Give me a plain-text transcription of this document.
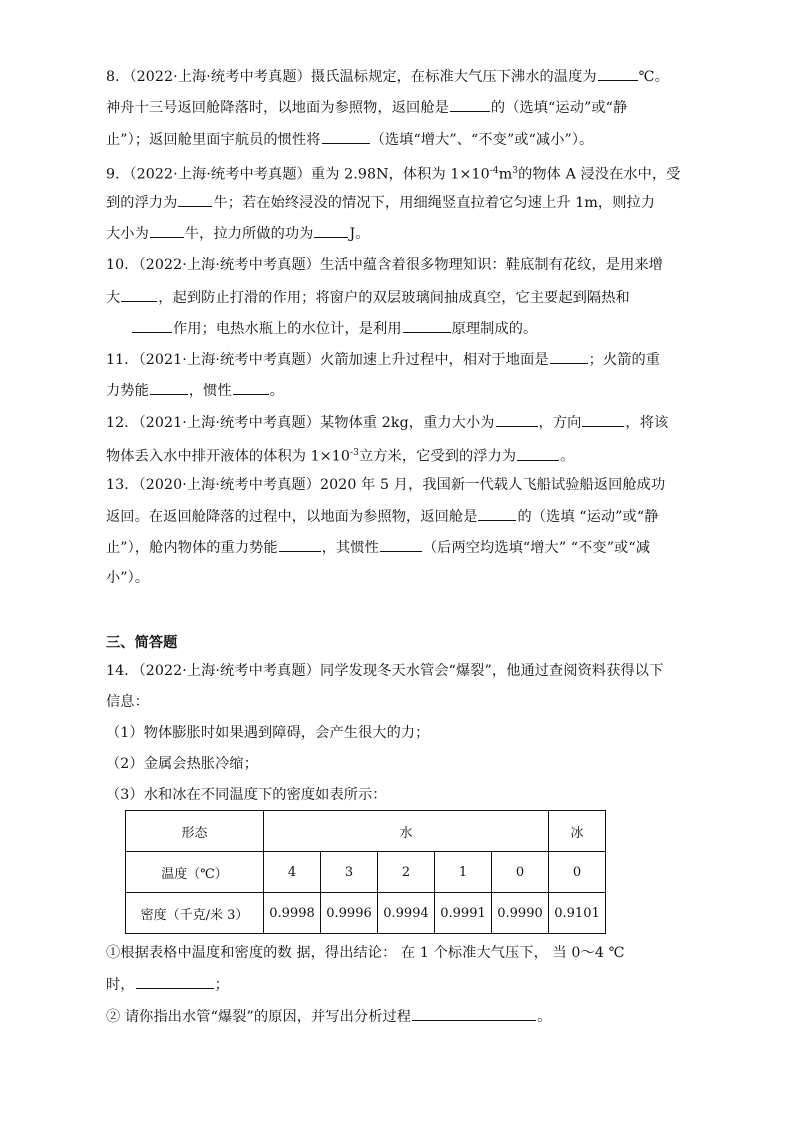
8．（2022·上海·统考中考真题）摄氏温标规定，在标准大气压下沸水的温度为	℃。
神舟十三号返回舱降落时，以地面为参照物，返回舱是	的（选填“运动”或“静
止”）；返回舱里面宇航员的惯性将	（选填“增大”、“不变”或“减小”）。
9．（2022·上海·统考中考真题）重为 2.98N，体积为 $1\times 10^{-4}m^3$的物体 A 浸没在水中，受
到的浮力为	牛；若在始终浸没的情况下，用细绳竖直拉着它匀速上升 1m，则拉力
大小为	牛，拉力所做的功为	J。
10．（2022·上海·统考中考真题）生活中蕴含着很多物理知识：鞋底制有花纹，是用来增
大	，起到防止打滑的作用；将窗户的双层玻璃间抽成真空，它主要起到隔热和
作用；电热水瓶上的水位计，是利用	原理制成的。
11．（2021·上海·统考中考真题）火箭加速上升过程中，相对于地面是	；火箭的重
力势能	，惯性	。
12．（2021·上海·统考中考真题）某物体重 2kg，重力大小为	，方向	，将该
物体丢入水中排开液体的体积为 $1\times 10^{-3}$立方米，它受到的浮力为	。
13．（2020·上海·统考中考真题）2020 年 5 月，我国新一代载人飞船试验船返回舱成功
返回。在返回舱降落的过程中，以地面为参照物，返回舱是	的（选填 “运动”或“静
止”），舱内物体的重力势能	，其惯性	（后两空均选填“增大” “不变”或“减
小”）。
三、简答题
14．（2022·上海·统考中考真题）同学发现冬天水管会“爆裂”，他通过查阅资料获得以下
信息：
（1）物体膨胀时如果遇到障碍，会产生很大的力；
（2）金属会热胀冷缩；
（3）水和冰在不同温度下的密度如表所示：
形态	水					冰
温度（℃）	4	3	2	1	0	0
密度（千克/米 3）	0.9998	0.9996	0.9994	0.9991	0.9990	0.9101
①根据表格中温度和密度的数 据，得出结论： 在 1 个标准大气压下， 当 0～4 ℃
时，	；
② 请你指出水管“爆裂”的原因，并写出分析过程	。
